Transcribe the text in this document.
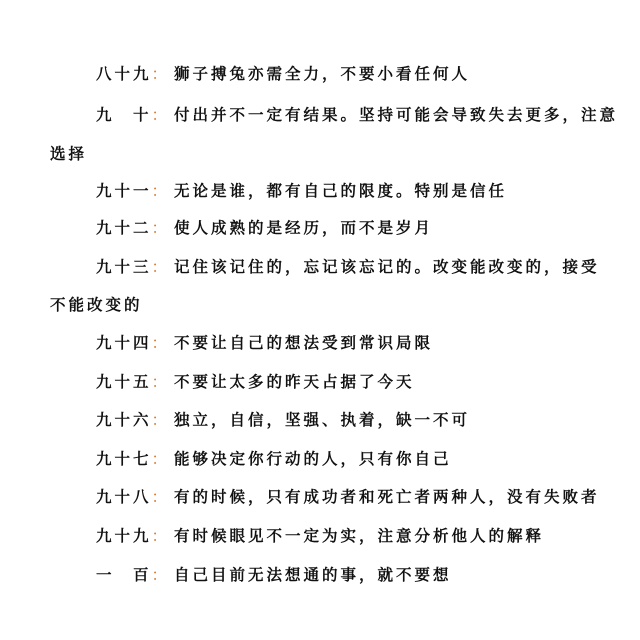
八十九： 狮子搏兔亦需全力，不要小看任何人
九　十： 付出并不一定有结果。坚持可能会导致失去更多，注意
选择
九十一： 无论是谁，都有自己的限度。特别是信任
九十二： 使人成熟的是经历，而不是岁月
九十三： 记住该记住的，忘记该忘记的。改变能改变的，接受
不能改变的
九十四： 不要让自己的想法受到常识局限
九十五： 不要让太多的昨天占据了今天
九十六： 独立，自信，坚强、执着，缺一不可
九十七： 能够决定你行动的人，只有你自己
九十八： 有的时候，只有成功者和死亡者两种人，没有失败者
九十九： 有时候眼见不一定为实，注意分析他人的解释
一　百： 自己目前无法想通的事，就不要想
